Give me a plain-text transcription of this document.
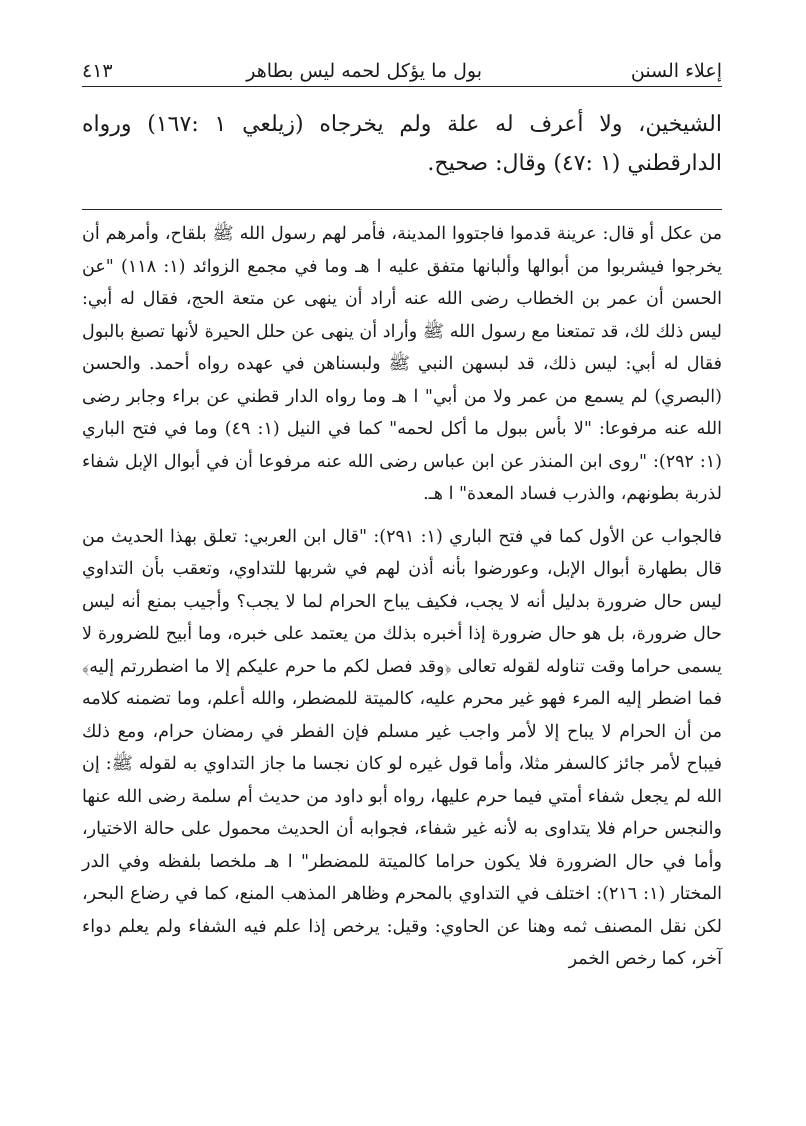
إعلاء السنن
بول ما يؤكل لحمه ليس بطاهر
٤١٣

الشيخين، ولا أعرف له علة ولم يخرجاه (زيلعي ١ :١٦٧) ورواه الدارقطني (١ :٤٧) وقال: صحيح.

من عكل أو قال: عرينة قدموا فاجتووا المدينة، فأمر لهم رسول الله ﷺ بلقاح، وأمرهم أن يخرجوا فيشربوا من أبوالها وألبانها متفق عليه ا هـ وما في مجمع الزوائد (١: ١١٨) "عن الحسن أن عمر بن الخطاب رضى الله عنه أراد أن ينهى عن متعة الحج، فقال له أبي: ليس ذلك لك، قد تمتعنا مع رسول الله ﷺ وأراد أن ينهى عن حلل الحيرة لأنها تصبغ بالبول فقال له أبي: ليس ذلك، قد لبسهن النبي ﷺ ولبسناهن في عهده رواه أحمد. والحسن (البصري) لم يسمع من عمر ولا من أبي" ا هـ وما رواه الدار قطني عن براء وجابر رضى الله عنه مرفوعا: "لا بأس ببول ما أكل لحمه" كما في النيل (١: ٤٩) وما في فتح الباري (١: ٢٩٢): "روى ابن المنذر عن ابن عباس رضى الله عنه مرفوعا أن في أبوال الإبل شفاء لذربة بطونهم، والذرب فساد المعدة" ا هـ.

فالجواب عن الأول كما في فتح الباري (١: ٢٩١): "قال ابن العربي: تعلق بهذا الحديث من قال بطهارة أبوال الإبل، وعورضوا بأنه أذن لهم في شربها للتداوي، وتعقب بأن التداوي ليس حال ضرورة بدليل أنه لا يجب، فكيف يباح الحرام لما لا يجب؟ وأجيب بمنع أنه ليس حال ضرورة، بل هو حال ضرورة إذا أخبره بذلك من يعتمد على خبره، وما أبيح للضرورة لا يسمى حراما وقت تناوله لقوله تعالى ﴿وقد فصل لكم ما حرم عليكم إلا ما اضطررتم إليه﴾ فما اضطر إليه المرء فهو غير محرم عليه، كالميتة للمضطر، والله أعلم، وما تضمنه كلامه من أن الحرام لا يباح إلا لأمر واجب غير مسلم فإن الفطر في رمضان حرام، ومع ذلك فيباح لأمر جائز كالسفر مثلا، وأما قول غيره لو كان نجسا ما جاز التداوي به لقوله ﷺ: إن الله لم يجعل شفاء أمتي فيما حرم عليها، رواه أبو داود من حديث أم سلمة رضى الله عنها والنجس حرام فلا يتداوى به لأنه غير شفاء، فجوابه أن الحديث محمول على حالة الاختيار، وأما في حال الضرورة فلا يكون حراما كالميتة للمضطر" ا هـ ملخصا بلفظه وفي الدر المختار (١: ٢١٦): اختلف في التداوي بالمحرم وظاهر المذهب المنع، كما في رضاع البحر، لكن نقل المصنف ثمه وهنا عن الحاوي: وقيل: يرخص إذا علم فيه الشفاء ولم يعلم دواء آخر، كما رخص الخمر
